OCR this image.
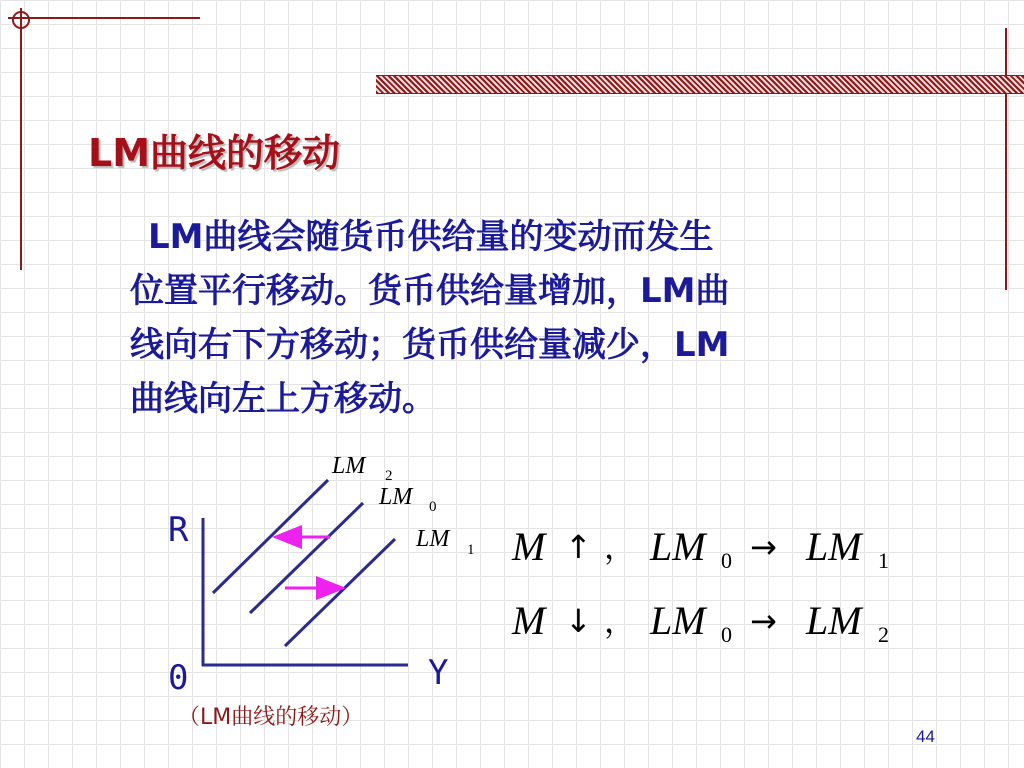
LM曲线的移动
LM曲线会随货币供给量的变动而发生
位置平行移动。货币供给量增加，LM曲
线向右下方移动；货币供给量减少，LM
曲线向左上方移动。
R
Y
0
LM 2
LM 0
LM 1 M ↑ ， LM 0 → LM 1
M ↓ ， LM 0 → LM 2
（LM曲线的移动）
44
